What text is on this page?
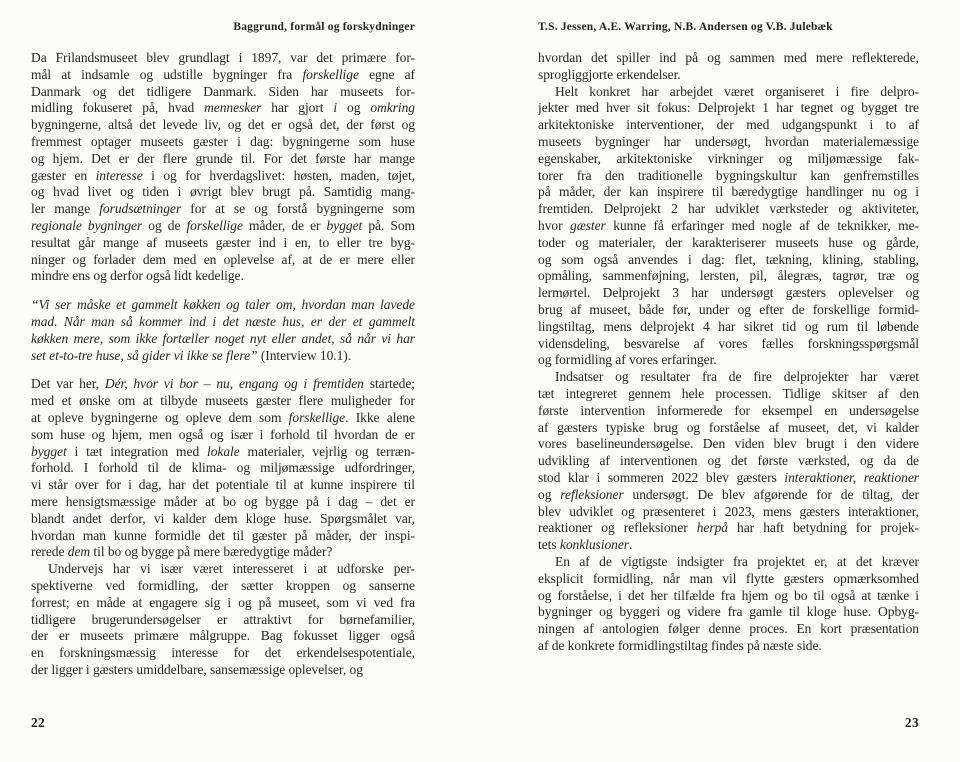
Baggrund, formål og forskydninger
Da Frilandsmuseet blev grundlagt i 1897, var det primære for-
mål at indsamle og udstille bygninger fra forskellige egne af
Danmark og det tidligere Danmark. Siden har museets for-
midling fokuseret på, hvad mennesker har gjort i og omkring
bygningerne, altså det levede liv, og det er også det, der først og
fremmest optager museets gæster i dag: bygningerne som huse
og hjem. Det er der flere grunde til. For det første har mange
gæster en interesse i og for hverdagslivet: høsten, maden, tøjet,
og hvad livet og tiden i øvrigt blev brugt på. Samtidig mang-
ler mange forudsætninger for at se og forstå bygningerne som
regionale bygninger og de forskellige måder, de er bygget på. Som
resultat går mange af museets gæster ind i en, to eller tre byg-
ninger og forlader dem med en oplevelse af, at de er mere eller
mindre ens og derfor også lidt kedelige.
“Vi ser måske et gammelt køkken og taler om, hvordan man lavede
mad. Når man så kommer ind i det næste hus, er der et gammelt
køkken mere, som ikke fortæller noget nyt eller andet, så når vi har
set et-to-tre huse, så gider vi ikke se flere” (Interview 10.1).
Det var her, Dér, hvor vi bor – nu, engang og i fremtiden startede;
med et ønske om at tilbyde museets gæster flere muligheder for
at opleve bygningerne og opleve dem som forskellige. Ikke alene
som huse og hjem, men også og især i forhold til hvordan de er
bygget i tæt integration med lokale materialer, vejrlig og terræn-
forhold. I forhold til de klima- og miljømæssige udfordringer,
vi står over for i dag, har det potentiale til at kunne inspirere til
mere hensigtsmæssige måder at bo og bygge på i dag – det er
blandt andet derfor, vi kalder dem kloge huse. Spørgsmålet var,
hvordan man kunne formidle det til gæster på måder, der inspi-
rerede dem til bo og bygge på mere bæredygtige måder?
Undervejs har vi især været interesseret i at udforske per-
spektiverne ved formidling, der sætter kroppen og sanserne
forrest; en måde at engagere sig i og på museet, som vi ved fra
tidligere brugerundersøgelser er attraktivt for børnefamilier,
der er museets primære målgruppe. Bag fokusset ligger også
en forskningsmæssig interesse for det erkendelsespotentiale,
der ligger i gæsters umiddelbare, sansemæssige oplevelser, og
22
T.S. Jessen, A.E. Warring, N.B. Andersen og V.B. Julebæk
hvordan det spiller ind på og sammen med mere reflekterede,
sprogliggjorte erkendelser.
Helt konkret har arbejdet været organiseret i fire delpro-
jekter med hver sit fokus: Delprojekt 1 har tegnet og bygget tre
arkitektoniske interventioner, der med udgangspunkt i to af
museets bygninger har undersøgt, hvordan materialemæssige
egenskaber, arkitektoniske virkninger og miljømæssige fak-
torer fra den traditionelle bygningskultur kan genfremstilles
på måder, der kan inspirere til bæredygtige handlinger nu og i
fremtiden. Delprojekt 2 har udviklet værksteder og aktiviteter,
hvor gæster kunne få erfaringer med nogle af de teknikker, me-
toder og materialer, der karakteriserer museets huse og gårde,
og som også anvendes i dag: flet, tækning, klining, stabling,
opmåling, sammenføjning, lersten, pil, ålegræs, tagrør, træ og
lermørtel. Delprojekt 3 har undersøgt gæsters oplevelser og
brug af museet, både før, under og efter de forskellige formid-
lingstiltag, mens delprojekt 4 har sikret tid og rum til løbende
vidensdeling, besvarelse af vores fælles forskningsspørgsmål
og formidling af vores erfaringer.
Indsatser og resultater fra de fire delprojekter har været
tæt integreret gennem hele processen. Tidlige skitser af den
første intervention informerede for eksempel en undersøgelse
af gæsters typiske brug og forståelse af museet, det, vi kalder
vores baselineundersøgelse. Den viden blev brugt i den videre
udvikling af interventionen og det første værksted, og da de
stod klar i sommeren 2022 blev gæsters interaktioner, reaktioner
og refleksioner undersøgt. De blev afgørende for de tiltag, der
blev udviklet og præsenteret i 2023, mens gæsters interaktioner,
reaktioner og refleksioner herpå har haft betydning for projek-
tets konklusioner.
En af de vigtigste indsigter fra projektet er, at det kræver
eksplicit formidling, når man vil flytte gæsters opmærksomhed
og forståelse, i det her tilfælde fra hjem og bo til også at tænke i
bygninger og byggeri og videre fra gamle til kloge huse. Opbyg-
ningen af antologien følger denne proces. En kort præsentation
af de konkrete formidlingstiltag findes på næste side.
23
